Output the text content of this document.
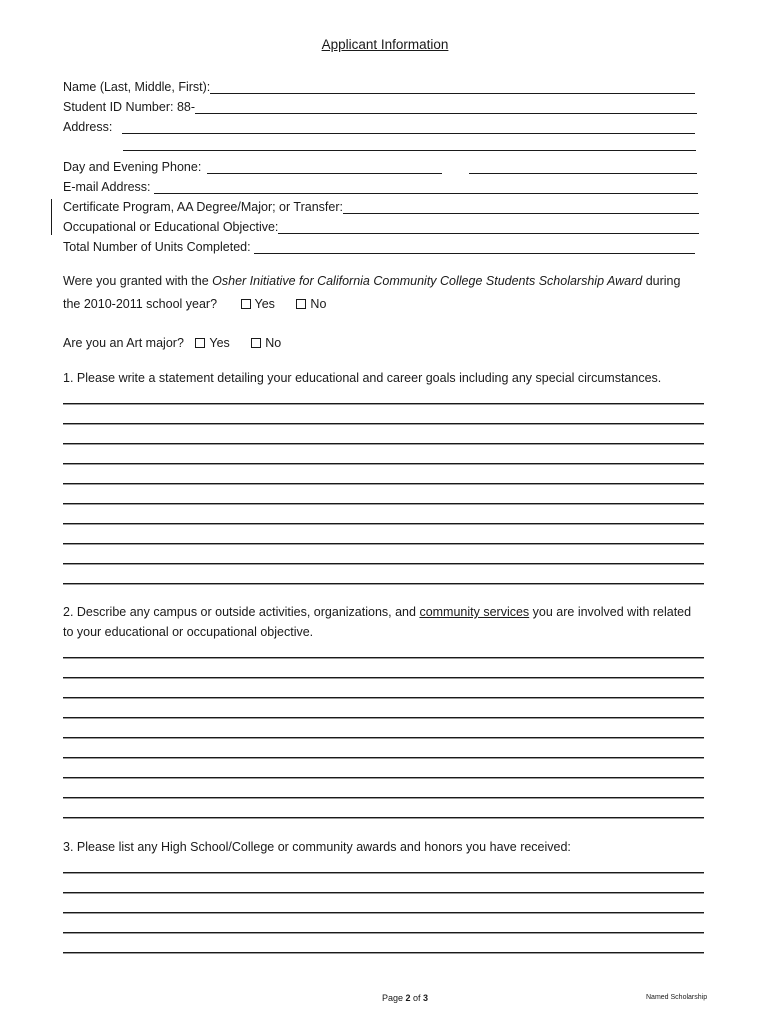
Applicant Information
Name (Last, Middle, First):
Student ID Number: 88-
Address:
Day and Evening Phone:
E-mail Address:
Certificate Program, AA Degree/Major; or Transfer:
Occupational or Educational Objective:
Total Number of Units Completed:
Were you granted with the Osher Initiative for California Community College Students Scholarship Award during
the 2010-2011 school year?	Yes	No
Are you an Art major? Yes	No
1. Please write a statement detailing your educational and career goals including any special circumstances.
2. Describe any campus or outside activities, organizations, and community services you are involved with related
to your educational or occupational objective.
3. Please list any High School/College or community awards and honors you have received:
Page 2 of 3	Named Scholarship
